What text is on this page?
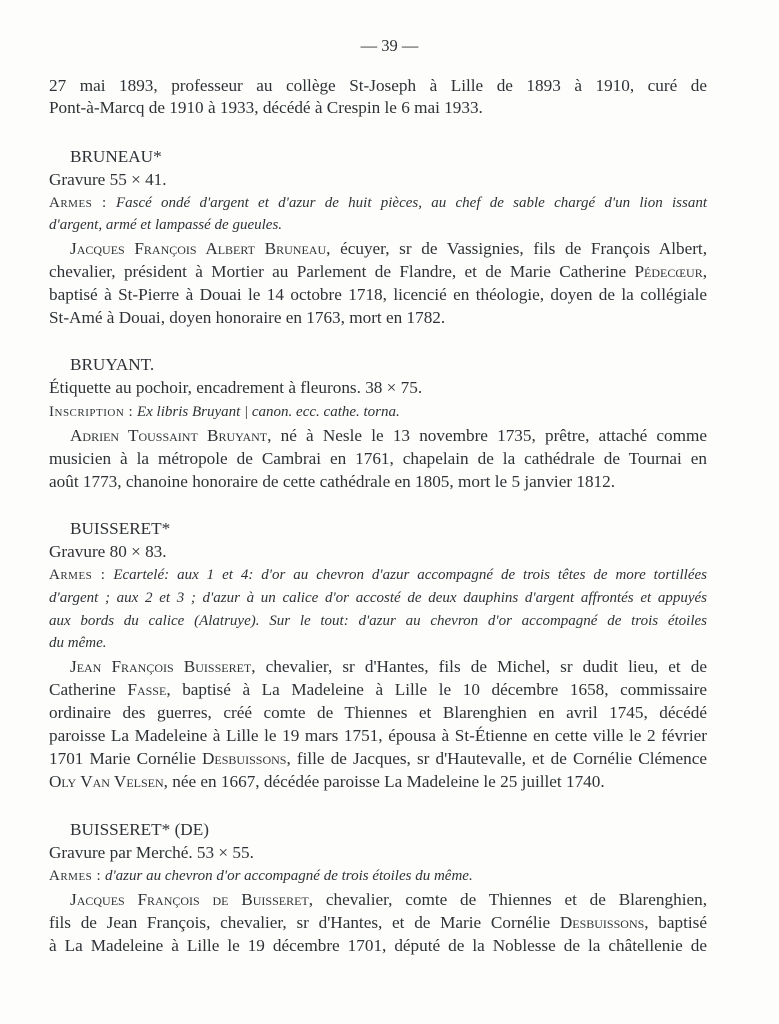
— 39 —
27 mai 1893, professeur au collège St-Joseph à Lille de 1893 à 1910, curé de
Pont-à-Marcq de 1910 à 1933, décédé à Crespin le 6 mai 1933.
BRUNEAU*
Gravure 55 × 41.
Armes : Fascé ondé d'argent et d'azur de huit pièces, au chef de sable chargé d'un lion issant
d'argent, armé et lampassé de gueules.
Jacques François Albert Bruneau, écuyer, sr de Vassignies, fils de François Albert,
chevalier, président à Mortier au Parlement de Flandre, et de Marie Catherine Pédecœur,
baptisé à St-Pierre à Douai le 14 octobre 1718, licencié en théologie, doyen de la collégiale
St-Amé à Douai, doyen honoraire en 1763, mort en 1782.
BRUYANT.
Étiquette au pochoir, encadrement à fleurons. 38 × 75.
Inscription : Ex libris Bruyant | canon. ecc. cathe. torna.
Adrien Toussaint Bruyant, né à Nesle le 13 novembre 1735, prêtre, attaché comme
musicien à la métropole de Cambrai en 1761, chapelain de la cathédrale de Tournai en
août 1773, chanoine honoraire de cette cathédrale en 1805, mort le 5 janvier 1812.
BUISSERET*
Gravure 80 × 83.
Armes : Ecartelé: aux 1 et 4: d'or au chevron d'azur accompagné de trois têtes de more tortillées
d'argent ; aux 2 et 3 ; d'azur à un calice d'or accosté de deux dauphins d'argent affrontés et appuyés
aux bords du calice (Alatruye). Sur le tout: d'azur au chevron d'or accompagné de trois étoiles
du même.
Jean François Buisseret, chevalier, sr d'Hantes, fils de Michel, sr dudit lieu, et de
Catherine Fasse, baptisé à La Madeleine à Lille le 10 décembre 1658, commissaire
ordinaire des guerres, créé comte de Thiennes et Blarenghien en avril 1745, décédé
paroisse La Madeleine à Lille le 19 mars 1751, épousa à St-Étienne en cette ville le 2 février
1701 Marie Cornélie Desbuissons, fille de Jacques, sr d'Hautevalle, et de Cornélie Clémence
Oly Van Velsen, née en 1667, décédée paroisse La Madeleine le 25 juillet 1740.
BUISSERET* (DE)
Gravure par Merché. 53 × 55.
Armes : d'azur au chevron d'or accompagné de trois étoiles du même.
Jacques François de Buisseret, chevalier, comte de Thiennes et de Blarenghien,
fils de Jean François, chevalier, sr d'Hantes, et de Marie Cornélie Desbuissons, baptisé
à La Madeleine à Lille le 19 décembre 1701, député de la Noblesse de la châtellenie de
